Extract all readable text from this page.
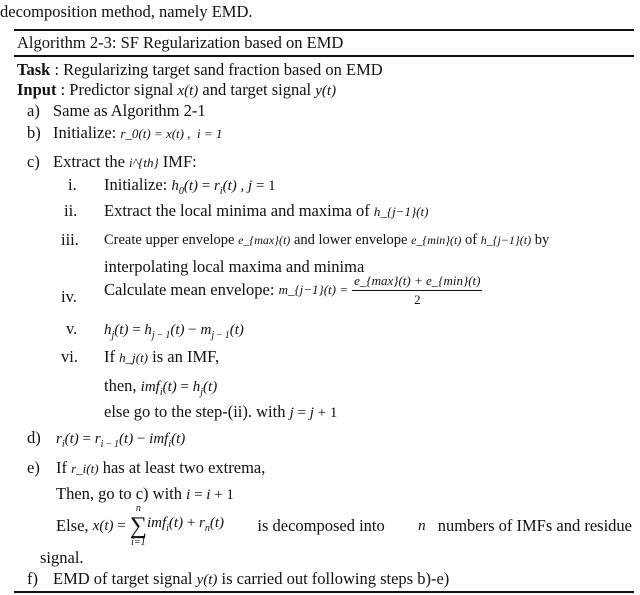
decomposition method, namely EMD.
Algorithm 2-3: SF Regularization based on EMD
Task : Regularizing target sand fraction based on EMD
Input : Predictor signal x(t) and target signal y(t)
a) Same as Algorithm 2-1
b) Initialize: r_0(t) = x(t) ,  i = 1
c) Extract the i^{th} IMF:
i. Initialize: $h_0(t) = r_i(t)$ , j = 1
ii. Extract the local minima and maxima of h_{j−1}(t)
iii. Create upper envelope e_{max}(t) and lower envelope e_{min}(t) of h_{j−1}(t) by
interpolating local maxima and minima
iv. Calculate mean envelope: m_{j−1}(t) = $\frac{e\_\{\max\}(t) + e\_\{\min\}(t)}{2}$
v. $h_j(t) = h_{j - 1}(t) - m_{j - 1}(t)$
vi. If h_j(t) is an IMF,
then, $imf_i(t) = h_j(t)$
else go to the step-(ii). with j = j + 1
d) $r_i(t) = r_{i - 1}(t) - imf_i(t)$
e) If r_i(t) has at least two extrema,
Then, go to c) with i = i + 1
Else,
x(t) =

n
∑
i=1
$imf_i(t) + r_n(t)$	is decomposed into	n numbers of IMFs and residue
signal.
f) EMD of target signal y(t) is carried out following steps b)-e)
